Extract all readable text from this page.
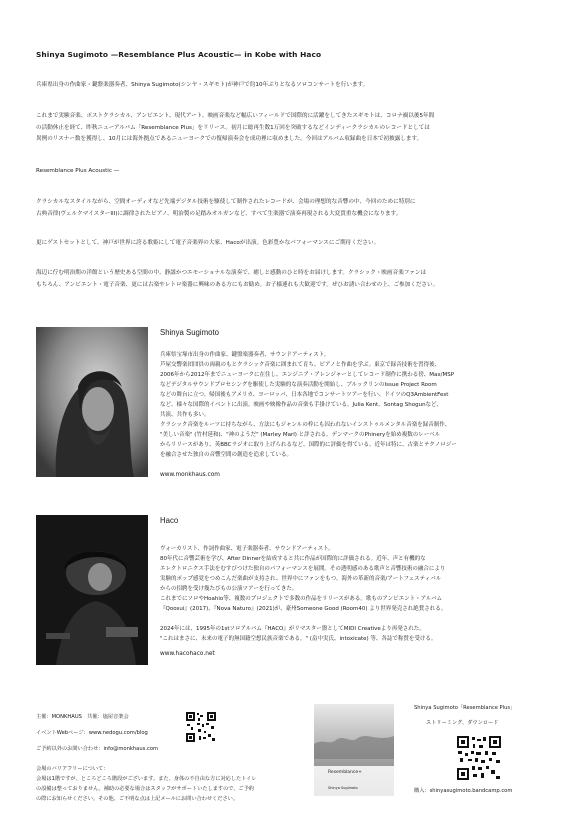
Shinya Sugimoto —Resemblance Plus Acoustic— in Kobe with Haco
兵庫県出身の作曲家・鍵盤楽器奏者、Shinya Sugimoto(シンヤ・スギモト)が神戸で約10年ぶりとなるソロコンサートを行います。
これまで実験音楽、ポストクラシカル、アンビエント、現代アート、映画音楽など幅広いフィールドで国際的に活躍をしてきたスギモトは、コロナ禍以後5年間
の活動休止を経て、昨秋ニューアルバム「Resemblance Plus」をリリース。初月に総再生数1万回を突破するなどインディークラシカルのレコードとしては
異例のリスナー数を獲得し、10月には海外拠点であるニューヨークでの復帰演奏会を成功裡に収めました。今回はアルバム収録曲を日本で初披露します。
Resemblance Plus Acoustic —
クラシカルなスタイルながら、空間オーディオなど先端デジタル技術を駆使して制作されたレコードが、会場の理想的な音響の中、今回のために特別に
古典音律(ヴェルクマイスターIII)に調律されたピアノ、明治製の足踏みオルガンなど、すべて生楽器で演奏再現される大変貴重な機会になります。
更にゲストセットとして、神戸が世界に誇る歌姫にして電子音楽界の大家、Hacoが出演。色彩豊かなパフォーマンスにご期待ください。
海辺に佇む明治期の洋館という歴史ある空間の中、静謐かつエモーショナルな演奏で、癒しと感動のひと時をお届けします。クラシック・映画音楽ファンは
もちろん、アンビエント・電子音楽、更には古楽やレトロ楽器に興味のある方にもお勧め。お子様連れも大歓迎です。ぜひお誘い合わせの上、ご参加ください。
Shinya Sugimoto
兵庫県宝塚市出身の作曲家、鍵盤楽器奏者、サウンドアーティスト。
芦屋交響楽団団員の両親のもとクラシック音楽に囲まれて育ち、ピアノと作曲を学ぶ。東京で録音技術を習得後、
2006年から2012年までニューヨークに在住し、エンジニア・アレンジャーとしてレコード制作に携わる傍、Max/MSP
などデジタルサウンドプロセシングを駆使した実験的な演奏活動を開始し、ブルックリンのIssue Project Room
などの舞台に立つ。帰国後もアメリカ、ヨーロッパ、日本各地でコンサートツアーを行い、ドイツのQ3AmbientFest
など、様々な国際的イベントに出演。映画や映像作品の音楽も手掛けている。Julia Kent、Sontag Shogunなど、
共演、共作も多い。
クラシック音楽をルーツに持ちながら、方法にもジャンルの枠にも囚われないインストゥルメンタル音楽を録音制作、
"美しい音楽" (竹村延和)、"神のようだ" (Marley Marl) と評される。デンマークのPhineryを始め複数のレーベル
からリリースがあり、英BBCラジオに取り上げられるなど、国際的に評価を得ている。近年は特に、古楽とテクノロジー
を融合させた独自の音響空間の創造を追求している。
www.monkhaus.com
Haco
ヴォーカリスト、作詞作曲家、電子楽器奏者、サウンドアーティスト。
80年代に音響芸術を学び、After Dinnerを結成すると共に作品が国際的に評価される。近年、声と有機的な
エレクトロニクス手法をむすびつけた独自のパフォーマンスを展開。その透明感のある歌声と音響技術の融合により
実験的ポップ感覚をつめこんだ楽曲が支持され、世界中にファンをもつ。海外の革新的音楽/アートフェスティバル
からの招聘を受け幾たびもの公演ツアーを行ってきた。
これまでにソロやHoahio等、複数のプロジェクトで多数の作品をリリースがある。歌ものアンビエント・アルバム
『Qoosui』(2017)、『Nova Naturo』(2021)が、豪州Someone Good (Room40) より世界発売され絶賛される。
2024年には、1995年の1stソロアルバム『HACO』がリマスター盤としてMIDI Creativeより再発された。
"これはまさに、未来の電子的無国籍空想民族音楽である。" (畠中実氏、intoxicate) 等、各誌で称賛を受ける。
www.hacohaco.net
主催：MONKHAUS　共催：塩屋音楽会
イベントWebページ：www.nedogu.com/blog
ご予約以外のお問い合わせ：info@monkhaus.com
会場のバリアフリーについて：
会場は1階ですが、ところどころ階段がございます。また、身体の不自由な方に対応したトイレ
の設備は整っておりません。補助の必要な場合はスタッフがサポートいたしますので、ご予約
の際にお知らせください。その他、ご不明な点は上記メールにお問い合わせください。
Resemblance+
Shinya Sugimoto
Shinya Sugimoto「Resemblance Plus」
ストリーミング、ダウンロード
購入：shinyasugimoto.bandcamp.com
